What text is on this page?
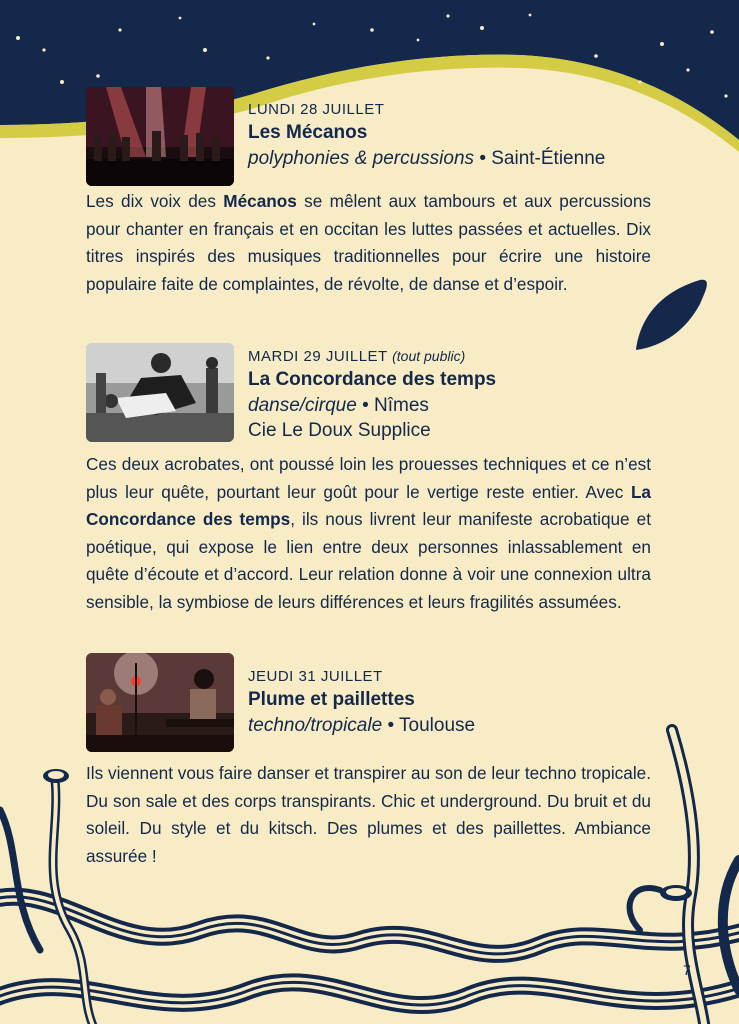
LUNDI 28 JUILLET

Les Mécanos

polyphonies & percussions • Saint-Étienne

Les dix voix des Mécanos se mêlent aux tambours et aux percussions pour chanter en français et en occitan les luttes passées et actuelles. Dix titres inspirés des musiques traditionnelles pour écrire une histoire populaire faite de complaintes, de révolte, de danse et d’espoir.

MARDI 29 JUILLET (tout public)

La Concordance des temps

danse/cirque • Nîmes

Cie Le Doux Supplice

Ces deux acrobates, ont poussé loin les prouesses techniques et ce n’est plus leur quête, pourtant leur goût pour le vertige reste entier. Avec La Concordance des temps, ils nous livrent leur manifeste acrobatique et poétique, qui expose le lien entre deux personnes inlassablement en quête d’écoute et d’accord. Leur relation donne à voir une connexion ultra sensible, la symbiose de leurs différences et leurs fragilités assumées.

JEUDI 31 JUILLET

Plume et paillettes

techno/tropicale • Toulouse

Ils viennent vous faire danser et transpirer au son de leur techno tropicale. Du son sale et des corps transpirants. Chic et underground. Du bruit et du soleil. Du style et du kitsch. Des plumes et des paillettes. Ambiance assurée !

7
